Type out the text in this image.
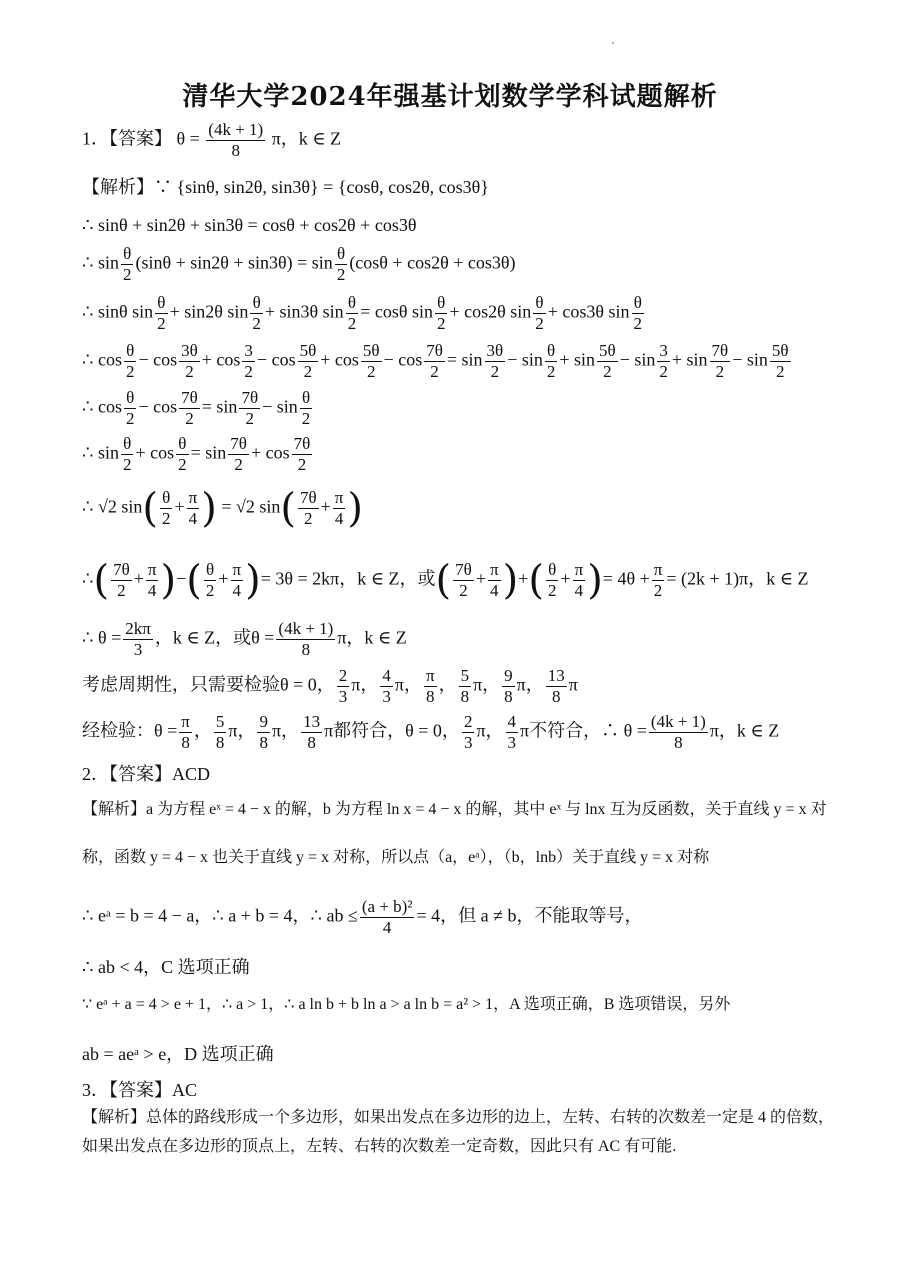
清华大学2024年强基计划数学学科试题解析
1．【答案】 $\theta = \frac{(4k + 1)}{8}$ π，k ∈ Z
【解析】∵ {sinθ, sin2θ, sin3θ} = {cosθ, cos2θ, cos3θ}
∴ sinθ + sin2θ + sin3θ = cosθ + cos2θ + cos3θ
∴ $\sin \frac{\theta}{2} (\sin\theta + \sin 2\theta + \sin 3\theta) = \sin \frac{\theta}{2} (\cos\theta + \cos 2\theta + \cos 3\theta)$
∴ sinθ $\sin \frac{\theta}{2} + \sin 2\theta$ $\sin \frac{\theta}{2} + \sin 3\theta$ $\sin \frac{\theta}{2} = \cos\theta$ $\sin \frac{\theta}{2} + \cos 2\theta$ $\sin \frac{\theta}{2} + \cos 3\theta$ $\sin \frac{\theta}{2}$
∴ $\cos \frac{\theta}{2} - \cos \frac{3\theta}{2} + \cos \frac{3}{2} - \cos \frac{5\theta}{2} + \cos \frac{5\theta}{2} - \cos \frac{7\theta}{2} = \sin \frac{3\theta}{2} - \sin \frac{\theta}{2} + \sin \frac{5\theta}{2} - \sin \frac{3}{2} + \sin \frac{7\theta}{2} - \sin \frac{5\theta}{2}$
∴ $\cos \frac{\theta}{2} - \cos \frac{7\theta}{2} = \sin \frac{7\theta}{2} - \sin \frac{\theta}{2}$
∴ $\sin \frac{\theta}{2} + \cos \frac{\theta}{2} = \sin \frac{7\theta}{2} + \cos \frac{7\theta}{2}$
∴ √2 $\sin( \frac{\theta}{2} + \frac{\pi}{4}$ ) = √2 $\sin( \frac{7\theta}{2} + \frac{\pi}{4}$ )
∴( $\frac{7\theta}{2} + \frac{\pi}{4}$ )−( $\frac{\theta}{2} + \frac{\pi}{4}$ )= 3θ = 2kπ，k ∈ Z，或( $\frac{7\theta}{2} + \frac{\pi}{4}$ )+( $\frac{\theta}{2} + \frac{\pi}{4}$ )= $4\theta + \frac{\pi}{2} = (2k + 1)\pi$，k ∈ Z
∴ $\theta = \frac{2k\pi}{3}$ ，k ∈ Z，或$\theta = \frac{(4k + 1)}{8}$ π，k ∈ Z
考虑周期性，只需要检验θ = 0， $\frac{2}{3}$ π， $\frac{4}{3}$ π， $\frac{\pi}{8}$ ， $\frac{5}{8}$ π， $\frac{9}{8}$ π， $\frac{13}{8}$ π
经检验：$\theta = \frac{\pi}{8}$ ， $\frac{5}{8}$ π， $\frac{9}{8}$ π， $\frac{13}{8}$ π都符合，θ = 0， $\frac{2}{3}$ π， $\frac{4}{3}$ π不符合，∴ $\theta = \frac{(4k + 1)}{8}$ π，k ∈ Z
2．【答案】ACD
【解析】a 为方程 eˣ = 4 − x 的解，b 为方程 ln x = 4 − x 的解，其中 eˣ 与 lnx 互为反函数，关于直线 y = x 对
称，函数 y = 4 − x 也关于直线 y = x 对称，所以点（a，eᵃ），（b，lnb）关于直线 y = x 对称
∴ eᵃ = b = 4 − a，∴ a + b = 4，∴ ab ≤ $\frac{\text{(a + b)²}}{4} = 4$，但 a ≠ b，不能取等号，
∴ ab < 4，C 选项正确
∵ eᵃ + a = 4 > e + 1，∴ a > 1，∴ a ln b + b ln a > a ln b = a² > 1，A 选项正确，B 选项错误，另外
ab = aeᵃ > e，D 选项正确
3．【答案】AC
【解析】总体的路线形成一个多边形，如果出发点在多边形的边上，左转、右转的次数差一定是 4 的倍数，
如果出发点在多边形的顶点上，左转、右转的次数差一定奇数，因此只有 AC 有可能.
